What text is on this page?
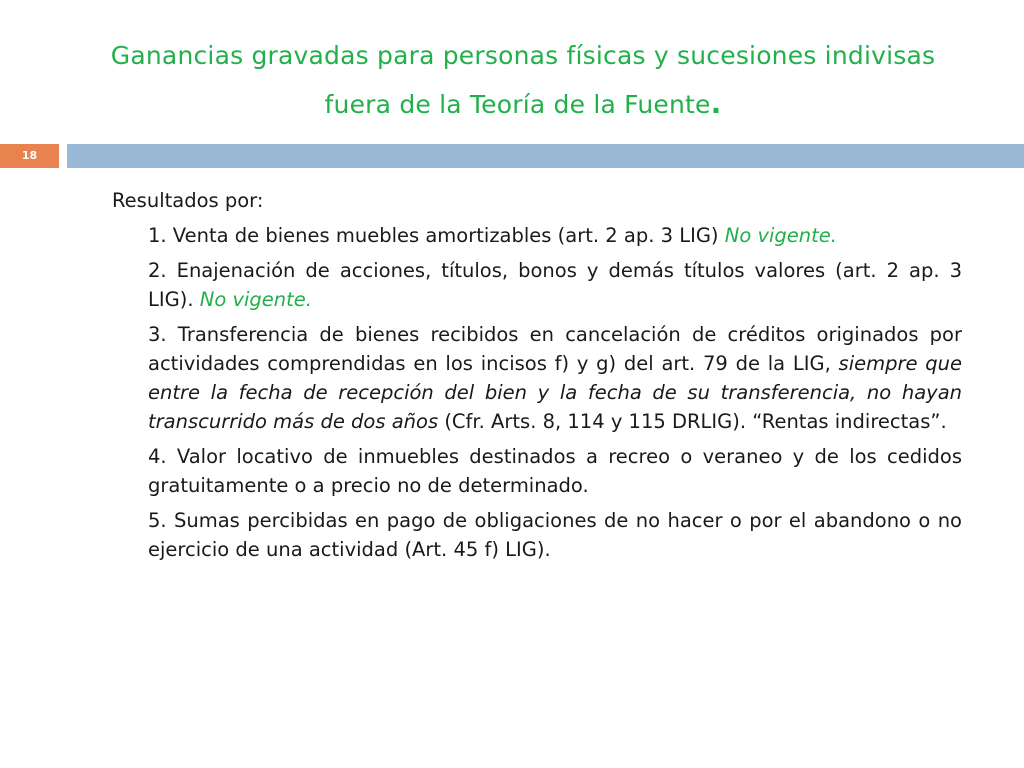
Ganancias gravadas para personas físicas y sucesiones indivisas
fuera de la Teoría de la Fuente.
18

Resultados por:

1. Venta de bienes muebles amortizables (art. 2 ap. 3 LIG) No vigente.

2. Enajenación de acciones, títulos, bonos y demás títulos valores (art. 2 ap. 3 LIG). No vigente.

3. Transferencia de bienes recibidos en cancelación de créditos originados por actividades comprendidas en los incisos f) y g) del art. 79 de la LIG, siempre que entre la fecha de recepción del bien y la fecha de su transferencia, no hayan transcurrido más de dos años (Cfr. Arts. 8, 114 y 115 DRLIG). “Rentas indirectas”.

4. Valor locativo de inmuebles destinados a recreo o veraneo y de los cedidos gratuitamente o a precio no de determinado.

5. Sumas percibidas en pago de obligaciones de no hacer o por el abandono o no ejercicio de una actividad (Art. 45 f) LIG).
